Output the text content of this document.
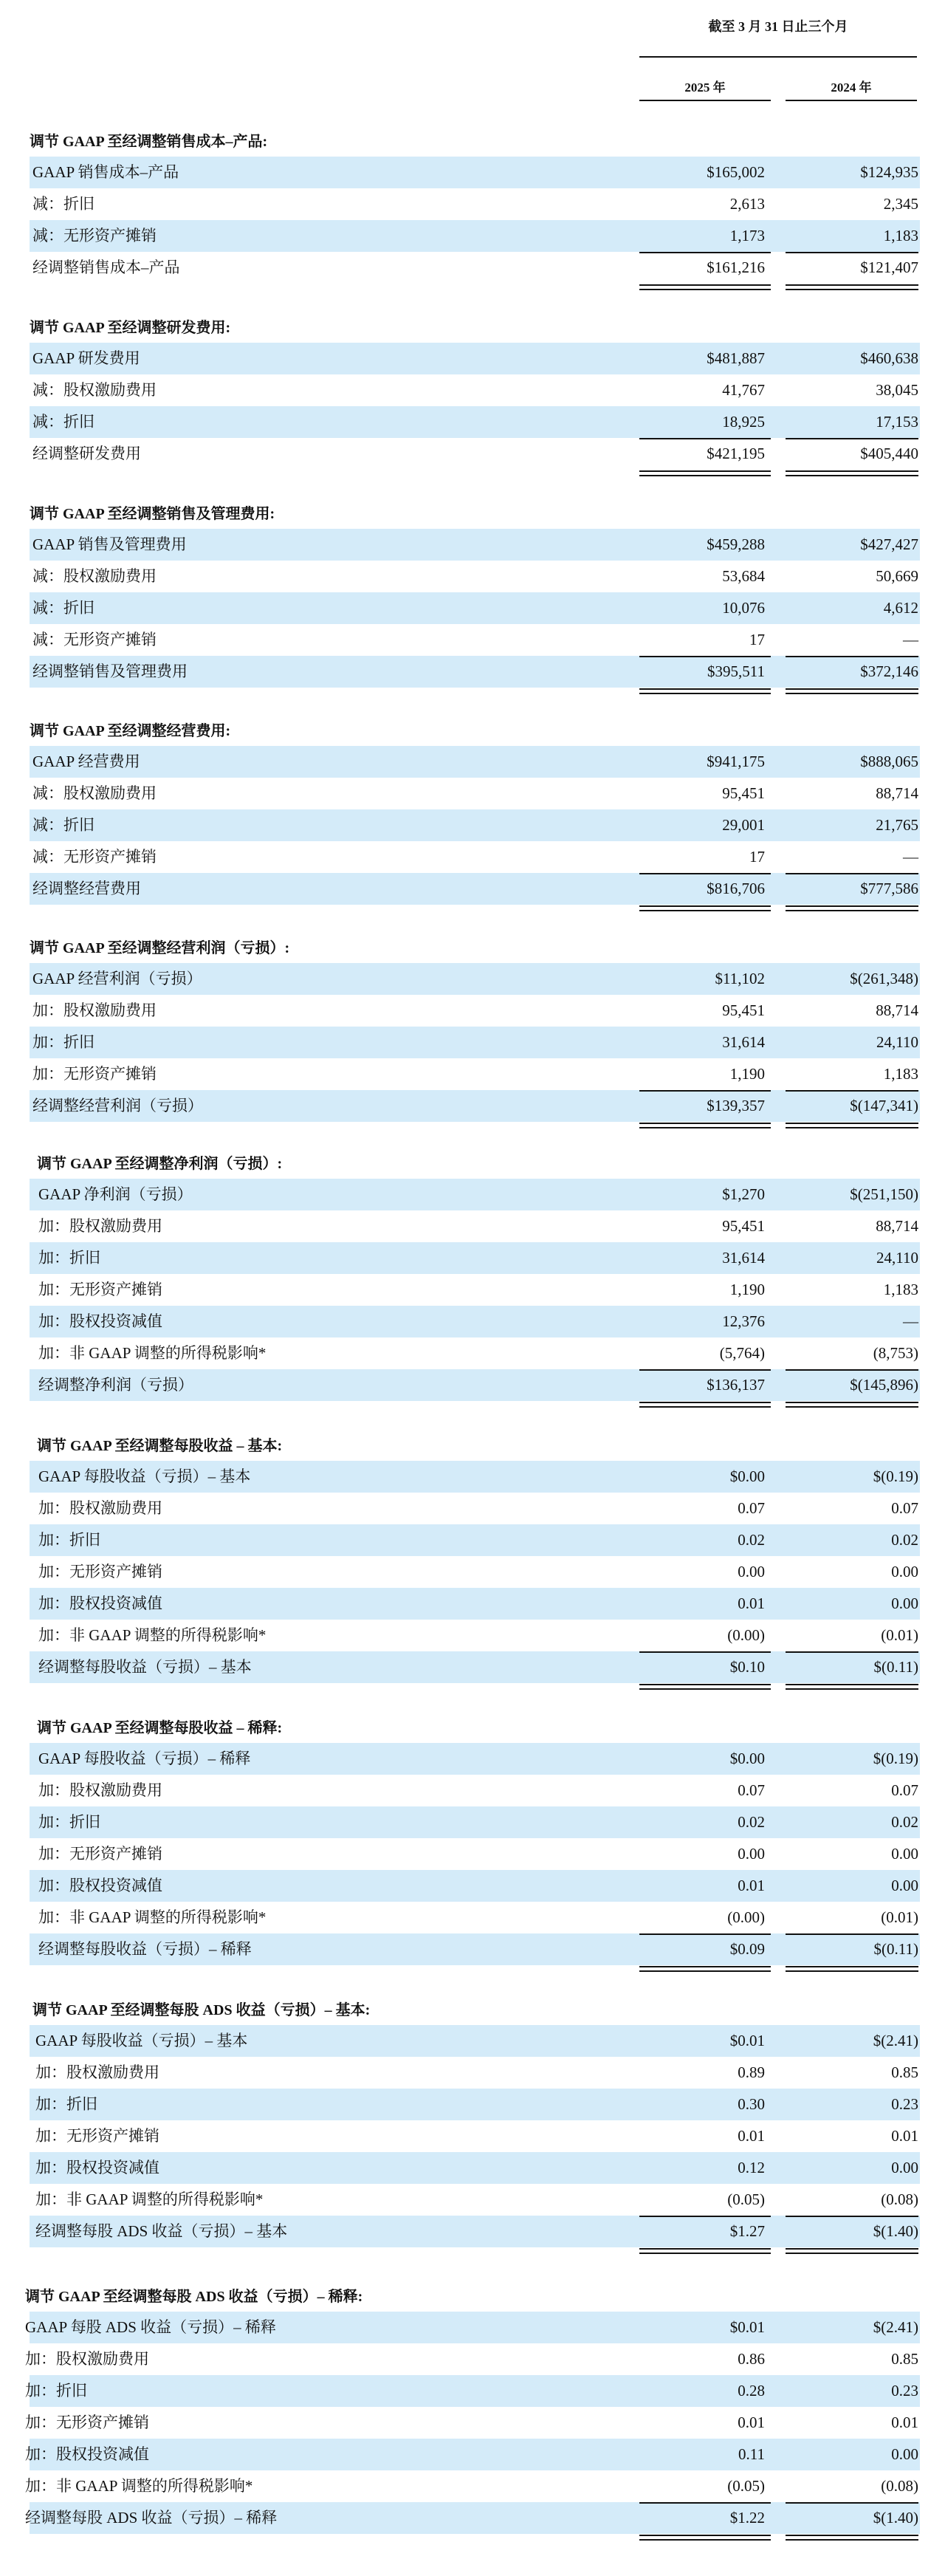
截至 3 月 31 日止三个月
2025 年	2024 年
调节 GAAP 至经调整销售成本–产品:
GAAP 销售成本–产品	$165,002	$124,935
减：折旧	2,613	2,345
减：无形资产摊销	1,173	1,183
经调整销售成本–产品	$161,216	$121,407
调节 GAAP 至经调整研发费用:
GAAP 研发费用	$481,887	$460,638
减：股权激励费用	41,767	38,045
减：折旧	18,925	17,153
经调整研发费用	$421,195	$405,440
调节 GAAP 至经调整销售及管理费用:
GAAP 销售及管理费用	$459,288	$427,427
减：股权激励费用	53,684	50,669
减：折旧	10,076	4,612
减：无形资产摊销	17	—
经调整销售及管理费用	$395,511	$372,146
调节 GAAP 至经调整经营费用:
GAAP 经营费用	$941,175	$888,065
减：股权激励费用	95,451	88,714
减：折旧	29,001	21,765
减：无形资产摊销	17	—
经调整经营费用	$816,706	$777,586
调节 GAAP 至经调整经营利润（亏损）:
GAAP 经营利润（亏损）	$11,102	$(261,348)
加：股权激励费用	95,451	88,714
加：折旧	31,614	24,110
加：无形资产摊销	1,190	1,183
经调整经营利润（亏损）	$139,357	$(147,341)
调节 GAAP 至经调整净利润（亏损）:
GAAP 净利润（亏损）	$1,270	$(251,150)
加：股权激励费用	95,451	88,714
加：折旧	31,614	24,110
加：无形资产摊销	1,190	1,183
加：股权投资减值	12,376	—
加：非 GAAP 调整的所得税影响*	(5,764)	(8,753)
经调整净利润（亏损）	$136,137	$(145,896)
调节 GAAP 至经调整每股收益 – 基本:
GAAP 每股收益（亏损）– 基本	$0.00	$(0.19)
加：股权激励费用	0.07	0.07
加：折旧	0.02	0.02
加：无形资产摊销	0.00	0.00
加：股权投资减值	0.01	0.00
加：非 GAAP 调整的所得税影响*	(0.00)	(0.01)
经调整每股收益（亏损）– 基本	$0.10	$(0.11)
调节 GAAP 至经调整每股收益 – 稀释:
GAAP 每股收益（亏损）– 稀释	$0.00	$(0.19)
加：股权激励费用	0.07	0.07
加：折旧	0.02	0.02
加：无形资产摊销	0.00	0.00
加：股权投资减值	0.01	0.00
加：非 GAAP 调整的所得税影响*	(0.00)	(0.01)
经调整每股收益（亏损）– 稀释	$0.09	$(0.11)
调节 GAAP 至经调整每股 ADS 收益（亏损）– 基本:
GAAP 每股收益（亏损）– 基本	$0.01	$(2.41)
加：股权激励费用	0.89	0.85
加：折旧	0.30	0.23
加：无形资产摊销	0.01	0.01
加：股权投资减值	0.12	0.00
加：非 GAAP 调整的所得税影响*	(0.05)	(0.08)
经调整每股 ADS 收益（亏损）– 基本	$1.27	$(1.40)
调节 GAAP 至经调整每股 ADS 收益（亏损）– 稀释:
GAAP 每股 ADS 收益（亏损）– 稀释	$0.01	$(2.41)
加：股权激励费用	0.86	0.85
加：折旧	0.28	0.23
加：无形资产摊销	0.01	0.01
加：股权投资减值	0.11	0.00
加：非 GAAP 调整的所得税影响*	(0.05)	(0.08)
经调整每股 ADS 收益（亏损）– 稀释	$1.22	$(1.40)
